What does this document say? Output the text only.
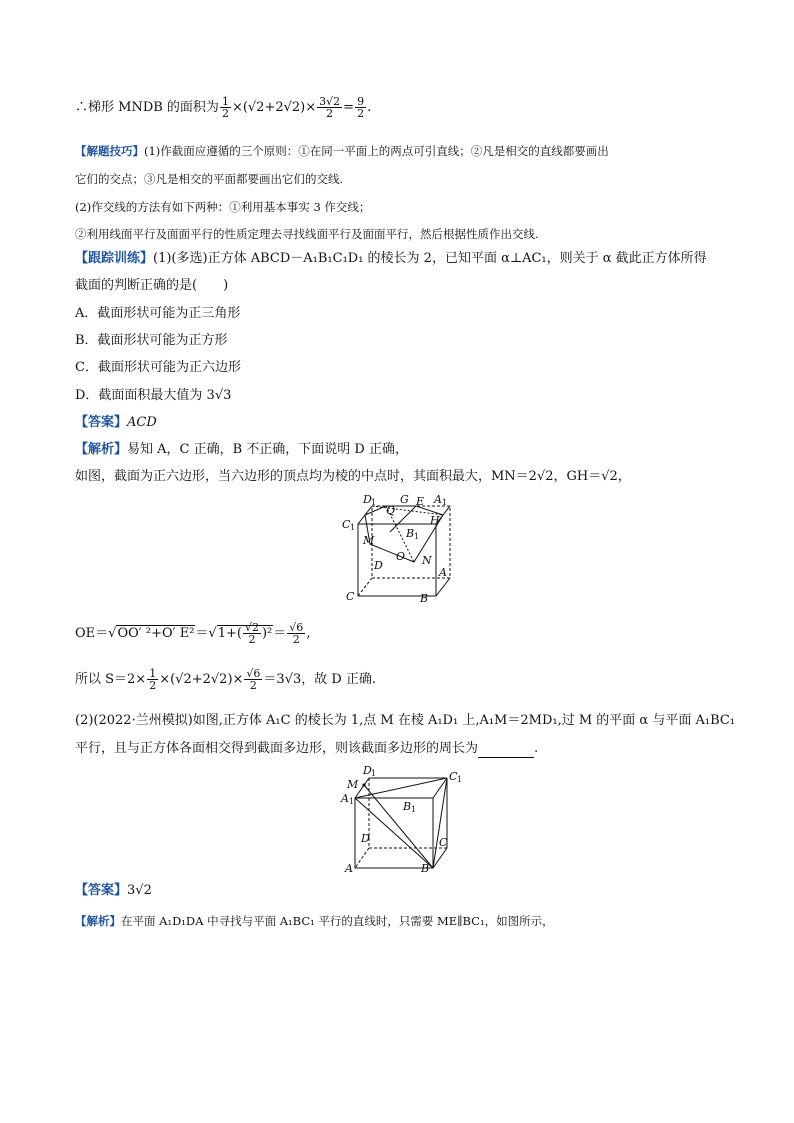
∴梯形 MNDB 的面积为 $\frac{1}{2} \times(√2+2√2)\times \frac{3√2}{2} = \frac{9}{2}$ .
【解题技巧】(1)作截面应遵循的三个原则：①在同一平面上的两点可引直线；②凡是相交的直线都要画出
它们的交点；③凡是相交的平面都要画出它们的交线.
(2)作交线的方法有如下两种：①利用基本事实 3 作交线；
②利用线面平行及面面平行的性质定理去寻找线面平行及面面平行，然后根据性质作出交线.
【跟踪训练】(1)(多选)正方体 ABCD－A₁B₁C₁D₁ 的棱长为 2，已知平面 α⊥AC₁，则关于 α 截此正方体所得
截面的判断正确的是(　　)
A．截面形状可能为正三角形
B．截面形状可能为正方形
C．截面形状可能为正六边形
D．截面面积最大值为 3√3
【答案】ACD
【解析】易知 A，C 正确，B 不正确，下面说明 D 正确，
如图，截面为正六边形，当六边形的顶点均为棱的中点时，其面积最大，MN＝2√2，GH＝√2，
D 1 G E A 1
C 1
Q
H
B 1
M
O N
D
A
C	B
OE＝√OO′ ²+O′ $E^2=√1+( \frac{√2}{2} )^2= \frac{√6}{2}$ ,
所以 $S=2\times \frac{1}{2} \times(√2+2√2)\times \frac{√6}{2} =3√3$，故 D 正确.
(2)(2022·兰州模拟)如图,正方体 A₁C 的棱长为 1,点 M 在棱 A₁D₁ 上,A₁M＝2MD₁,过 M 的平面 α 与平面 A₁BC₁
平行，且与正方体各面相交得到截面多边形，则该截面多边形的周长为	.
D 1	C 1
M
A 1	B 1
D	C
A	B
【答案】3√2
【解析】在平面 A₁D₁DA 中寻找与平面 A₁BC₁ 平行的直线时，只需要 ME∥BC₁，如图所示，
